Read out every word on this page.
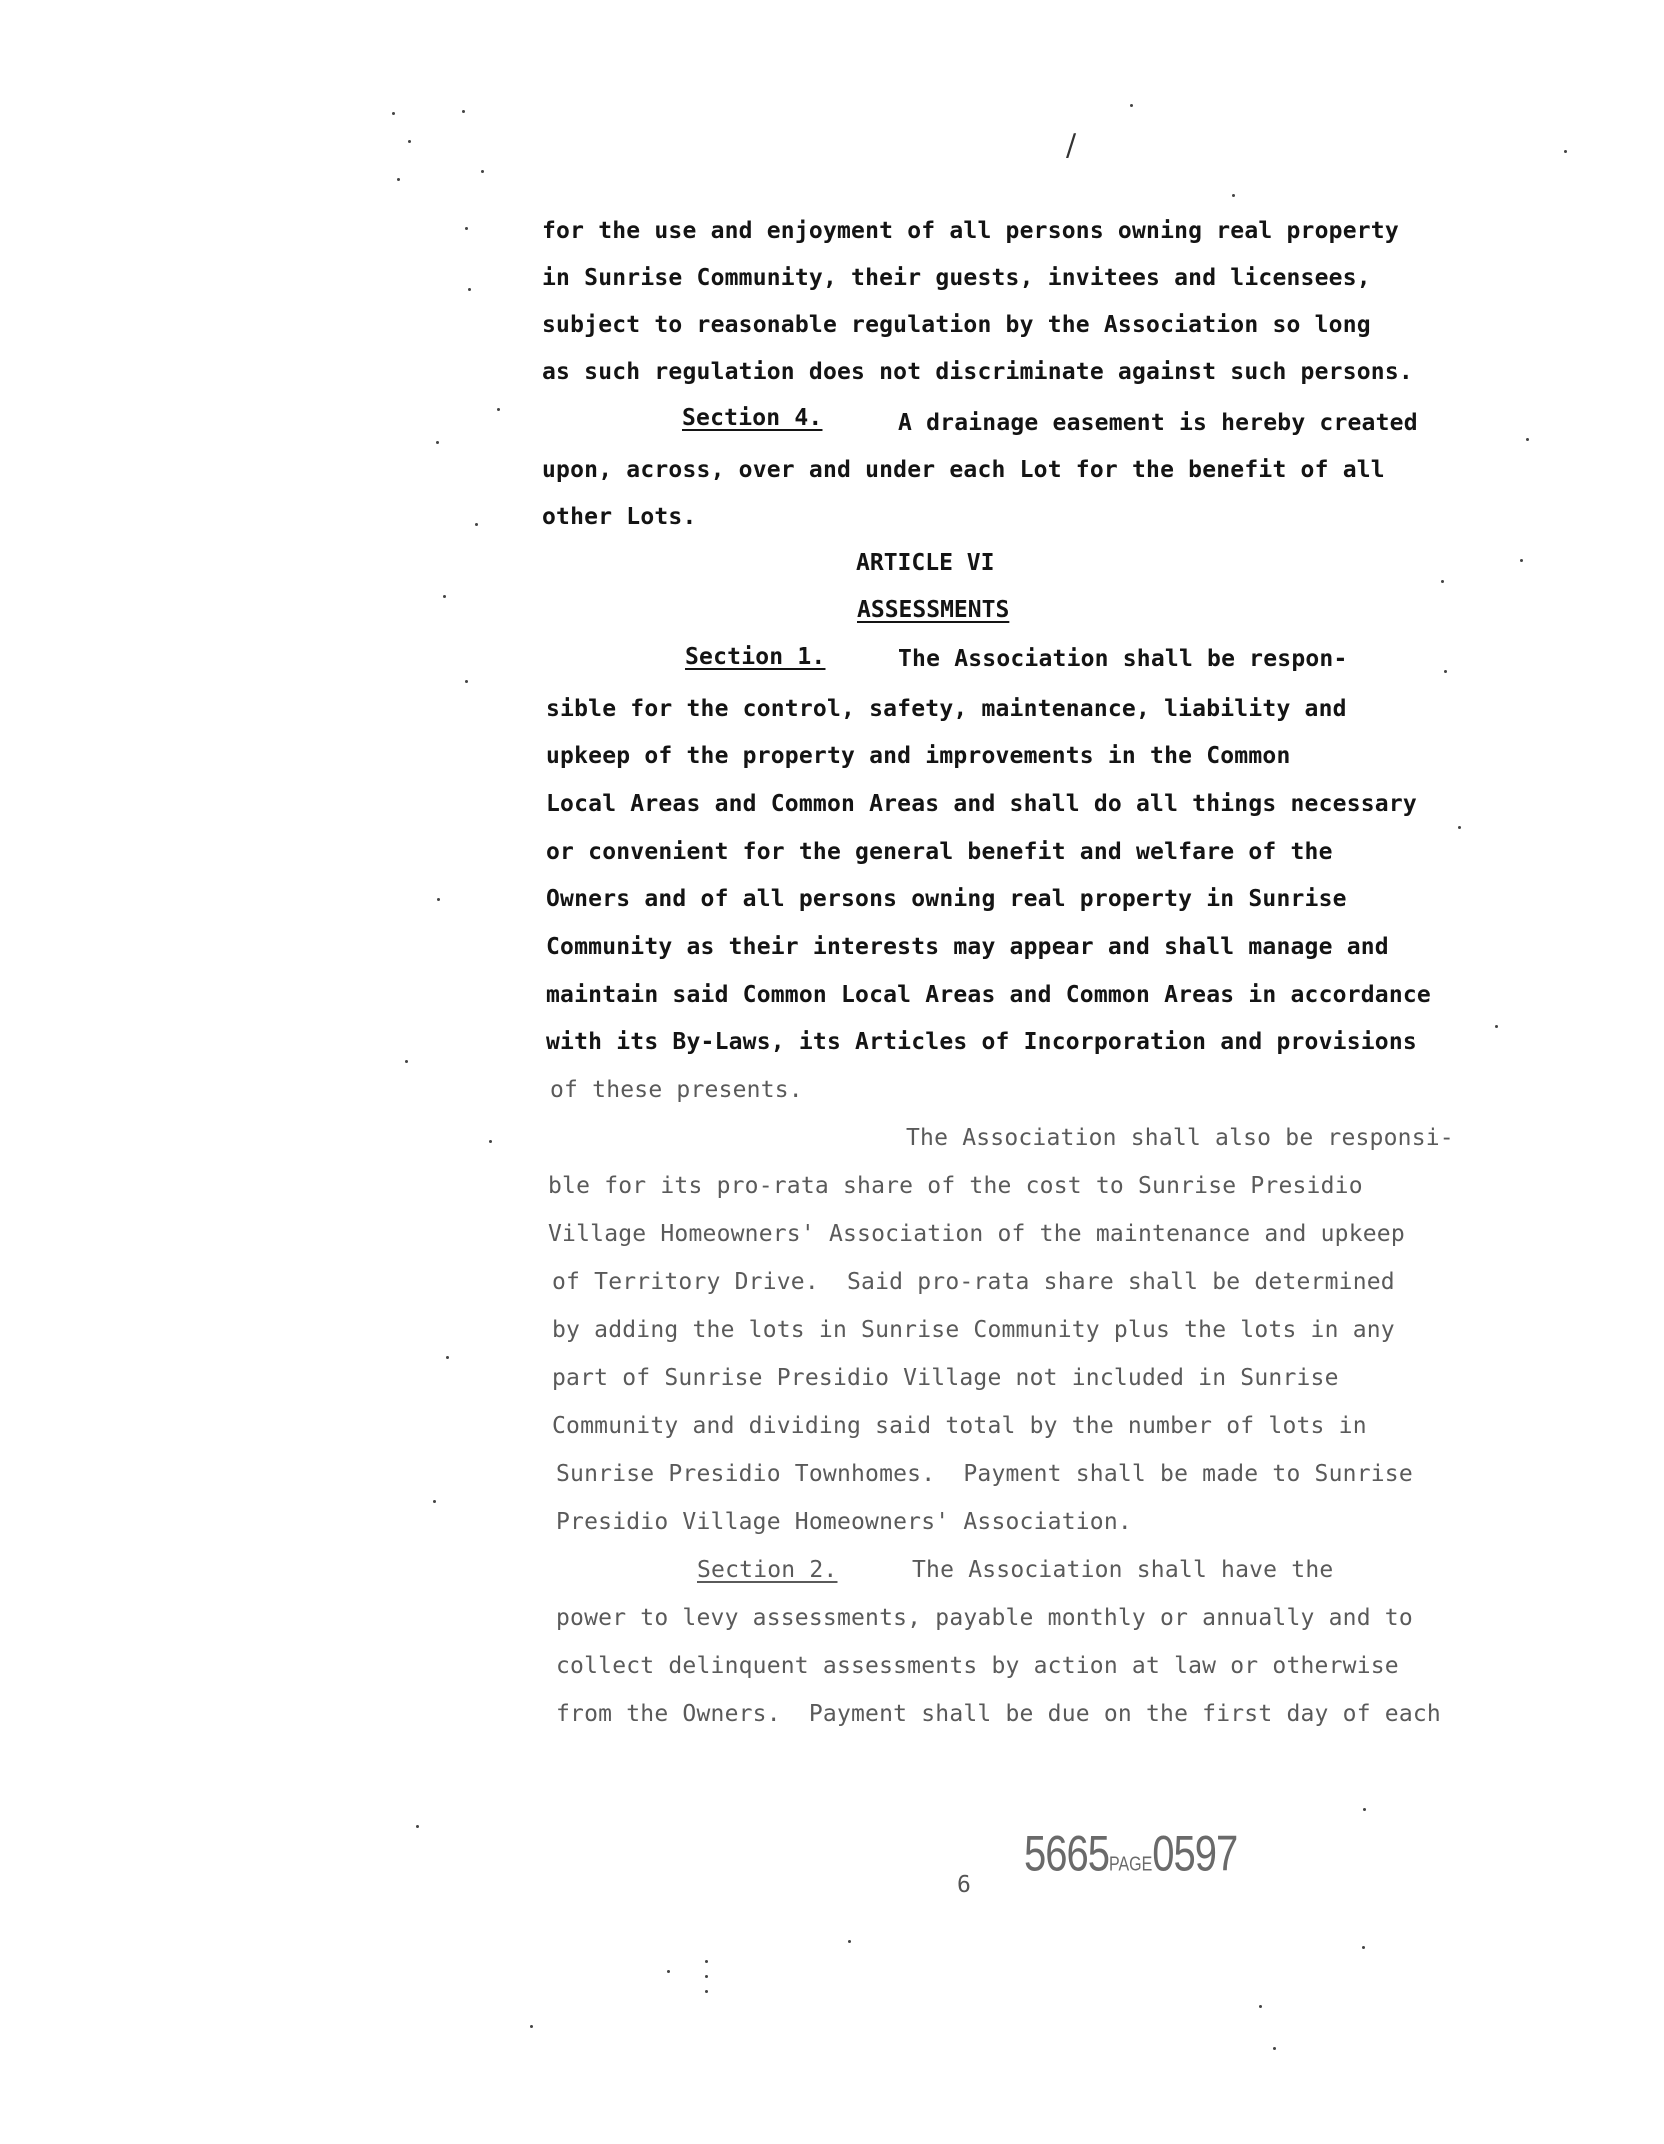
/
for the use and enjoyment of all persons owning real property
in Sunrise Community, their guests, invitees and licensees,
subject to reasonable regulation by the Association so long
as such regulation does not discriminate against such persons.
Section 4.	A drainage easement is hereby created
upon, across, over and under each Lot for the benefit of all
other Lots.
ARTICLE VI
ASSESSMENTS
Section 1.	The Association shall be respon-
sible for the control, safety, maintenance, liability and
upkeep of the property and improvements in the Common
Local Areas and Common Areas and shall do all things necessary
or convenient for the general benefit and welfare of the
Owners and of all persons owning real property in Sunrise
Community as their interests may appear and shall manage and
maintain said Common Local Areas and Common Areas in accordance
with its By-Laws, its Articles of Incorporation and provisions
of these presents.
The Association shall also be responsi-
ble for its pro-rata share of the cost to Sunrise Presidio
Village Homeowners' Association of the maintenance and upkeep
of Territory Drive.  Said pro-rata share shall be determined
by adding the lots in Sunrise Community plus the lots in any
part of Sunrise Presidio Village not included in Sunrise
Community and dividing said total by the number of lots in
Sunrise Presidio Townhomes.  Payment shall be made to Sunrise
Presidio Village Homeowners' Association.
Section 2.	The Association shall have the
power to levy assessments, payable monthly or annually and to
collect delinquent assessments by action at law or otherwise
from the Owners.  Payment shall be due on the first day of each
6
5665PAGE0597
